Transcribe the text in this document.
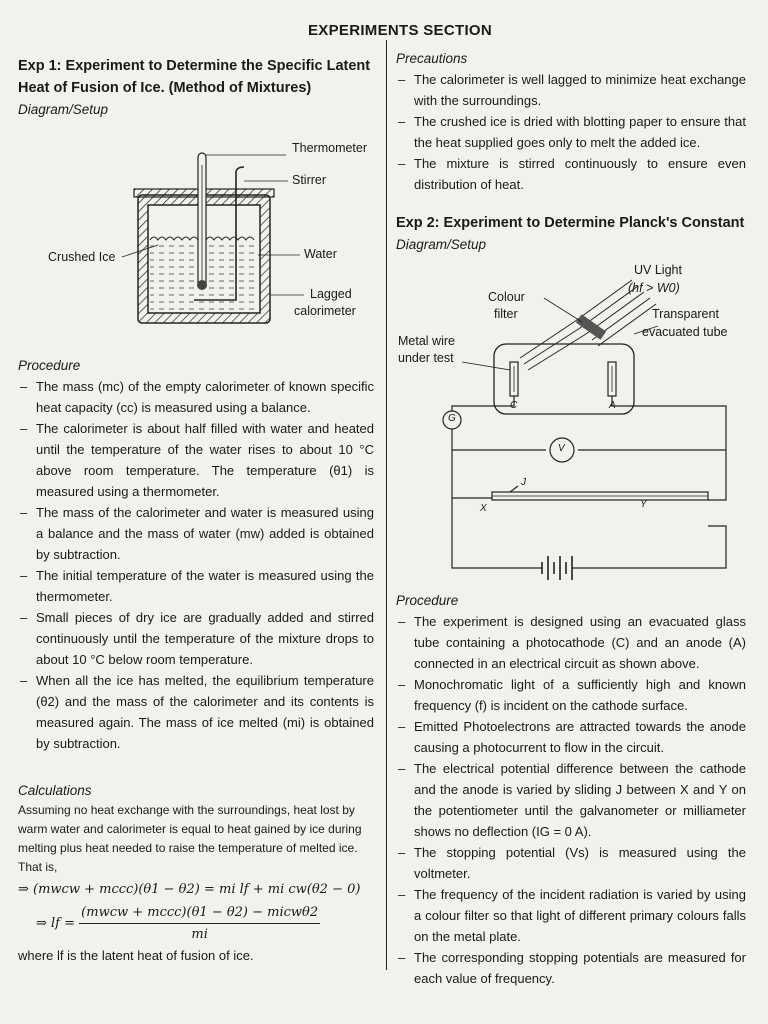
EXPERIMENTS SECTION
Exp 1: Experiment to Determine the Specific Latent Heat of Fusion of Ice. (Method of Mixtures)
Diagram/Setup
Thermometer
Stirrer
Crushed Ice	Water
Lagged
calorimeter
Procedure
– The mass (mc) of the empty calorimeter of known specific heat capacity (cc) is measured using a balance.
– The calorimeter is about half filled with water and heated until the temperature of the water rises to about 10 °C above room temperature. The temperature (θ1) is measured using a thermometer.
– The mass of the calorimeter and water is measured using a balance and the mass of water (mw) added is obtained by subtraction.
– The initial temperature of the water is measured using the thermometer.
– Small pieces of dry ice are gradually added and stirred continuously until the temperature of the mixture drops to about 10 °C below room temperature.
– When all the ice has melted, the equilibrium temperature (θ2) and the mass of the calorimeter and its contents is measured again. The mass of ice melted (mi) is obtained by subtraction.
Calculations
Assuming no heat exchange with the surroundings, heat lost by warm water and calorimeter is equal to heat gained by ice during melting plus heat needed to raise the temperature of melted ice. That is,
⇒ (mwcw + mccc)(θ1 − θ2) = mi lf + mi cw(θ2 − 0)
⇒ lf = $\frac{\text{(mwcw + mccc)(θ1 − θ2) − micwθ2}}{mi}$
where lf is the latent heat of fusion of ice.
Precautions
– The calorimeter is well lagged to minimize heat exchange with the surroundings.
– The crushed ice is dried with blotting paper to ensure that the heat supplied goes only to melt the added ice.
– The mixture is stirred continuously to ensure even distribution of heat.
Exp 2: Experiment to Determine Planck's Constant
Diagram/Setup
UV Light
(hf > W0)
Colour
filter	Transparent
evacuated tube
Metal wire
under test
C	A
G
V
J
X	Y
Procedure
– The experiment is designed using an evacuated glass tube containing a photocathode (C) and an anode (A) connected in an electrical circuit as shown above.
– Monochromatic light of a sufficiently high and known frequency (f) is incident on the cathode surface.
– Emitted Photoelectrons are attracted towards the anode causing a photocurrent to flow in the circuit.
– The electrical potential difference between the cathode and the anode is varied by sliding J between X and Y on the potentiometer until the galvanometer or milliameter shows no deflection (IG = 0 A).
– The stopping potential (Vs) is measured using the voltmeter.
– The frequency of the incident radiation is varied by using a colour filter so that light of different primary colours falls on the metal plate.
– The corresponding stopping potentials are measured for each value of frequency.
